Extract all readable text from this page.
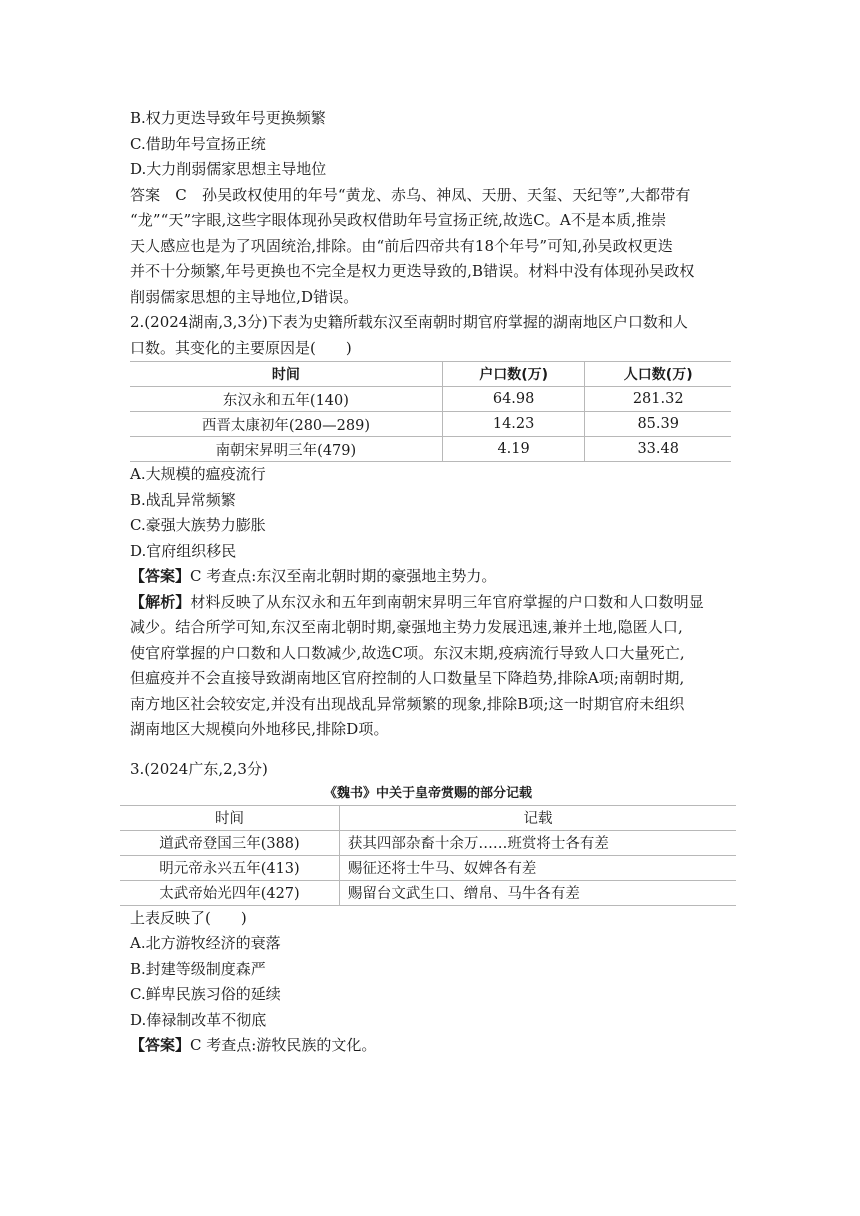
B.权力更迭导致年号更换频繁

C.借助年号宣扬正统

D.大力削弱儒家思想主导地位

答案　C　孙吴政权使用的年号“黄龙、赤乌、神凤、天册、天玺、天纪等”,大都带有

“龙”“天”字眼,这些字眼体现孙吴政权借助年号宣扬正统,故选C。A不是本质,推崇

天人感应也是为了巩固统治,排除。由“前后四帝共有18个年号”可知,孙吴政权更迭

并不十分频繁,年号更换也不完全是权力更迭导致的,B错误。材料中没有体现孙吴政权

削弱儒家思想的主导地位,D错误。

2.(2024湖南,3,3分)下表为史籍所载东汉至南朝时期官府掌握的湖南地区户口数和人

口数。其变化的主要原因是(　　)

时间	户口数(万)	人口数(万)
东汉永和五年(140)	64.98	281.32
西晋太康初年(280—289)	14.23	85.39
南朝宋昇明三年(479)	4.19	33.48

A.大规模的瘟疫流行

B.战乱异常频繁

C.豪强大族势力膨胀

D.官府组织移民

【答案】C 考查点:东汉至南北朝时期的豪强地主势力。

【解析】材料反映了从东汉永和五年到南朝宋昇明三年官府掌握的户口数和人口数明显

减少。结合所学可知,东汉至南北朝时期,豪强地主势力发展迅速,兼并土地,隐匿人口,

使官府掌握的户口数和人口数减少,故选C项。东汉末期,疫病流行导致人口大量死亡,

但瘟疫并不会直接导致湖南地区官府控制的人口数量呈下降趋势,排除A项;南朝时期,

南方地区社会较安定,并没有出现战乱异常频繁的现象,排除B项;这一时期官府未组织

湖南地区大规模向外地移民,排除D项。

3.(2024广东,2,3分)

《魏书》中关于皇帝赏赐的部分记载
时间	记载
道武帝登国三年(388)	获其四部杂畜十余万……班赏将士各有差
明元帝永兴五年(413)	赐征还将士牛马、奴婢各有差
太武帝始光四年(427)	赐留台文武生口、缯帛、马牛各有差

上表反映了(　　)

A.北方游牧经济的衰落

B.封建等级制度森严

C.鲜卑民族习俗的延续

D.俸禄制改革不彻底

【答案】C 考查点:游牧民族的文化。
